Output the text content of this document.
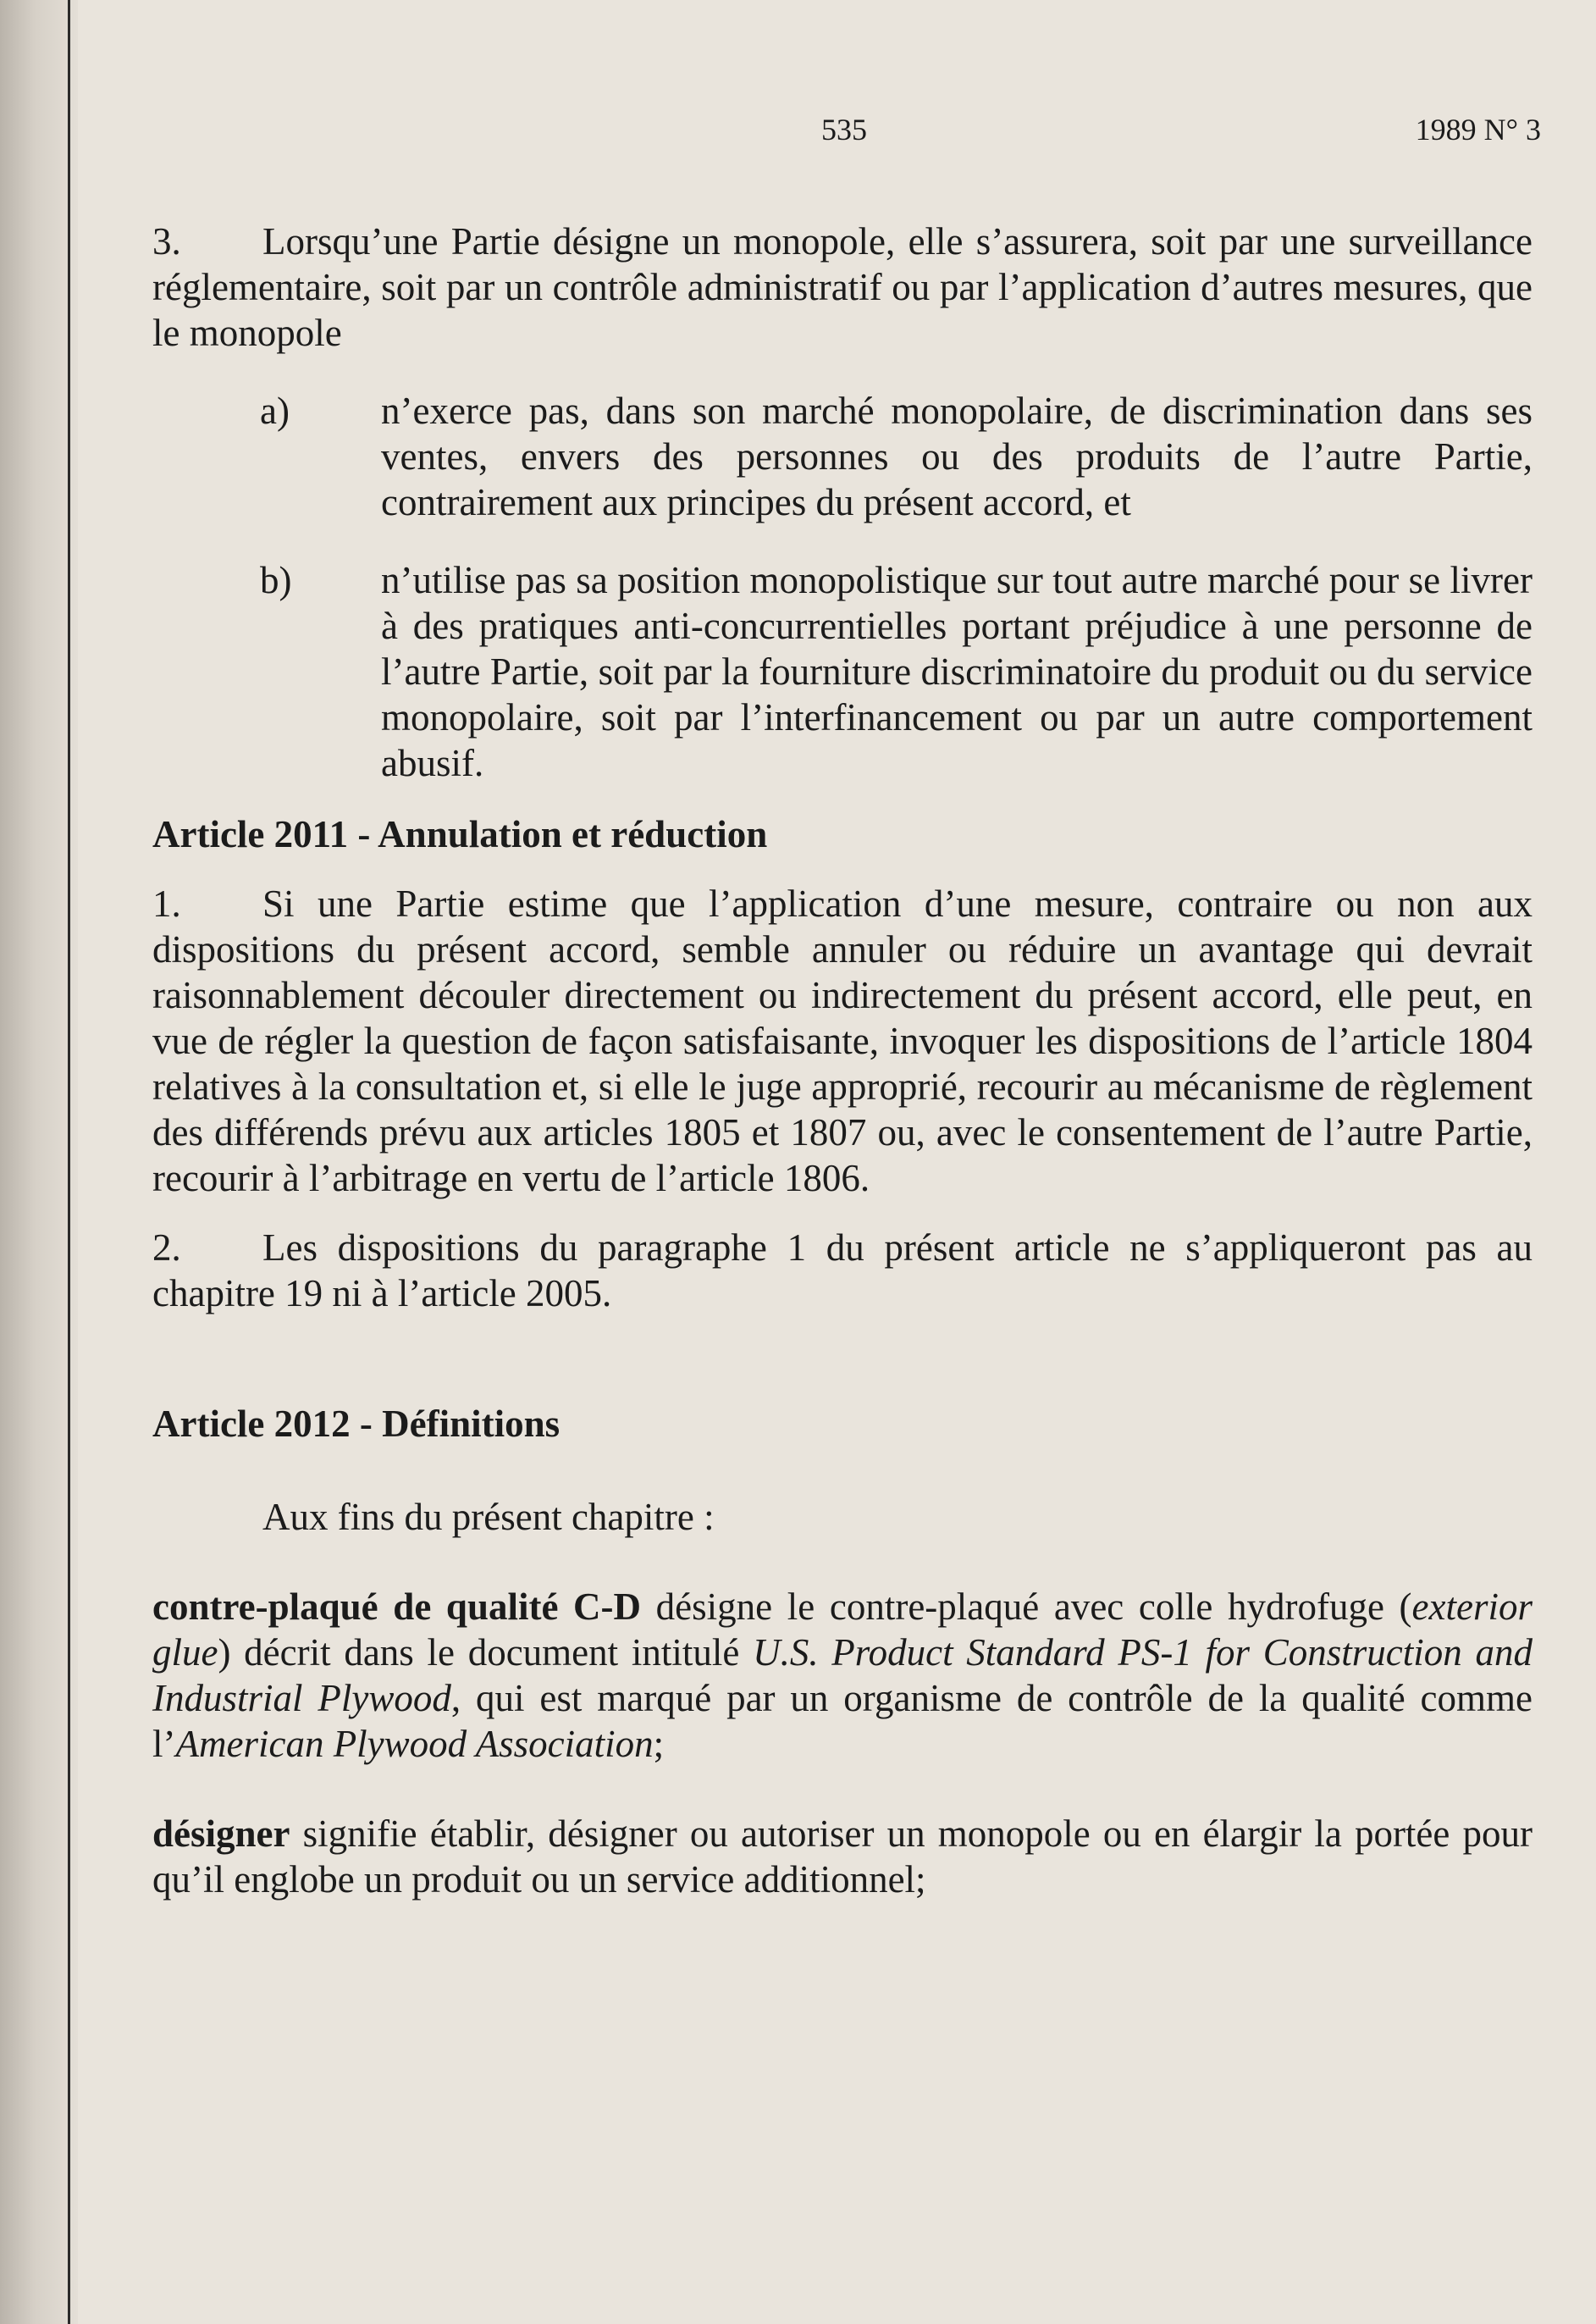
535	1989 N° 3

3. Lorsqu’une Partie désigne un monopole, elle s’assurera, soit par une surveillance réglementaire, soit par un contrôle administratif ou par l’application d’autres mesures, que le monopole

a)	n’exerce pas, dans son marché monopolaire, de discrimination dans ses ventes, envers des personnes ou des produits de l’autre Partie, contrairement aux principes du présent accord, et
b)	n’utilise pas sa position monopolistique sur tout autre marché pour se livrer à des pratiques anti-concurrentielles portant préjudice à une personne de l’autre Partie, soit par la fourniture discriminatoire du produit ou du service monopolaire, soit par l’interfinancement ou par un autre comportement abusif.
Article 2011 - Annulation et réduction

1. Si une Partie estime que l’application d’une mesure, contraire ou non aux dispositions du présent accord, semble annuler ou réduire un avantage qui devrait raisonnablement découler directement ou indirectement du présent accord, elle peut, en vue de régler la question de façon satisfaisante, invoquer les dispositions de l’article 1804 relatives à la consultation et, si elle le juge approprié, recourir au mécanisme de règlement des différends prévu aux articles 1805 et 1807 ou, avec le consentement de l’autre Partie, recourir à l’arbitrage en vertu de l’article 1806.

2. Les dispositions du paragraphe 1 du présent article ne s’appliqueront pas au chapitre 19 ni à l’article 2005.

Article 2012 - Définitions

Aux fins du présent chapitre :

contre-plaqué de qualité C-D désigne le contre-plaqué avec colle hydrofuge (exterior glue) décrit dans le document intitulé U.S. Product Standard PS-1 for Construction and Industrial Plywood, qui est marqué par un organisme de contrôle de la qualité comme l’American Plywood Association;

désigner signifie établir, désigner ou autoriser un monopole ou en élargir la portée pour qu’il englobe un produit ou un service additionnel;
